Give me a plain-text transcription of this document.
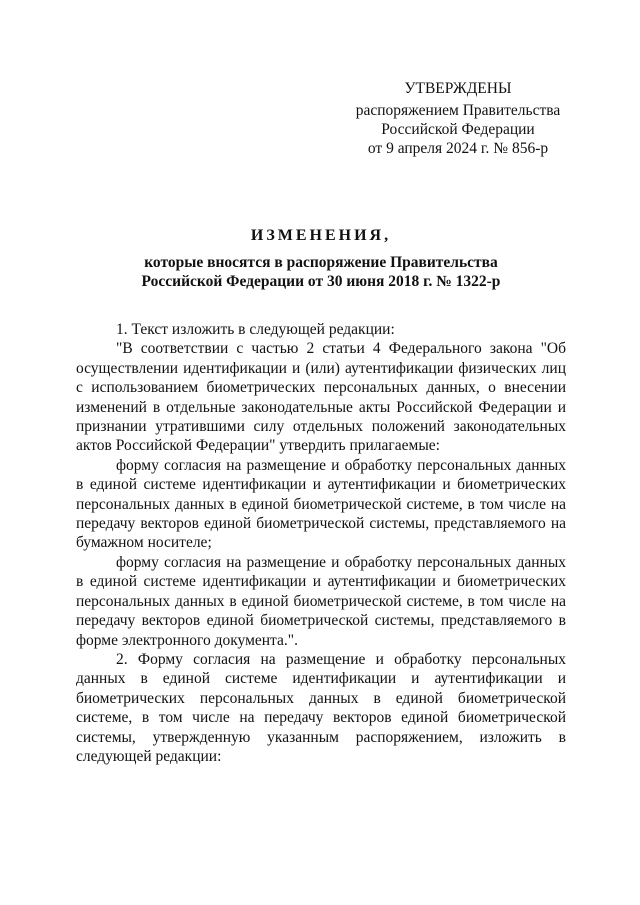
УТВЕРЖДЕНЫ
распоряжением Правительства
Российской Федерации
от 9 апреля 2024 г. № 856-р
ИЗМЕНЕНИЯ,
которые вносятся в распоряжение Правительства
Российской Федерации от 30 июня 2018 г. № 1322-р

1. Текст изложить в следующей редакции:

"В соответствии с частью 2 статьи 4 Федерального закона "Об осуществлении идентификации и (или) аутентификации физических лиц с использованием биометрических персональных данных, о внесении изменений в отдельные законодательные акты Российской Федерации и признании утратившими силу отдельных положений законодательных актов Российской Федерации" утвердить прилагаемые:

форму согласия на размещение и обработку персональных данных в единой системе идентификации и аутентификации и биометрических персональных данных в единой биометрической системе, в том числе на передачу векторов единой биометрической системы, представляемого на бумажном носителе;

форму согласия на размещение и обработку персональных данных в единой системе идентификации и аутентификации и биометрических персональных данных в единой биометрической системе, в том числе на передачу векторов единой биометрической системы, представляемого в форме электронного документа.".

2. Форму согласия на размещение и обработку персональных данных в единой системе идентификации и аутентификации и биометрических персональных данных в единой биометрической системе, в том числе на передачу векторов единой биометрической системы, утвержденную указанным распоряжением, изложить в следующей редакции:
